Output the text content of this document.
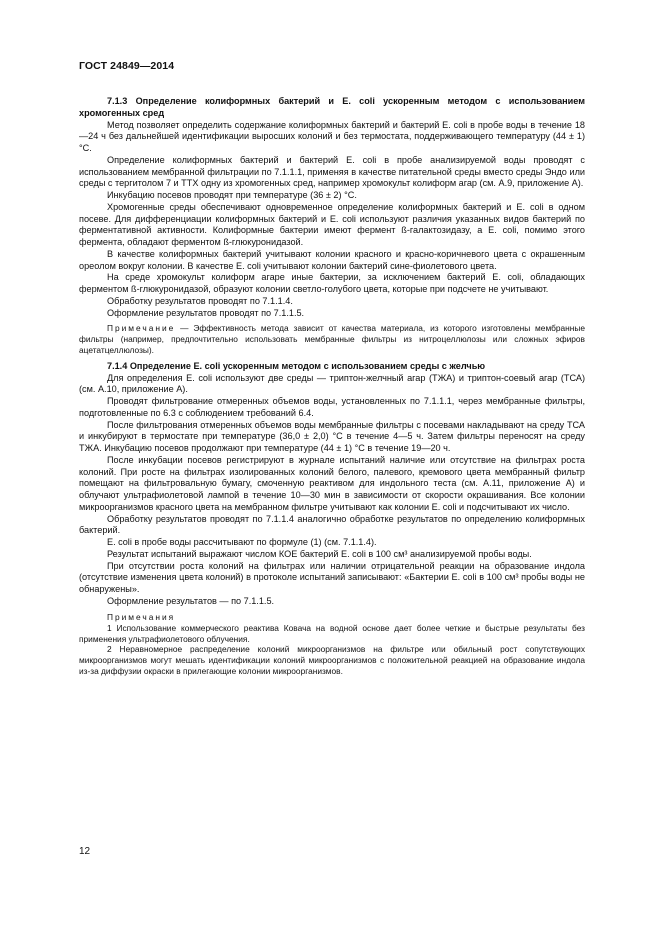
ГОСТ 24849—2014

7.1.3 Определение колиформных бактерий и E. coli ускоренным методом с использованием хромогенных сред

Метод позволяет определить содержание колиформных бактерий и бактерий E. coli в пробе воды в течение 18—24 ч без дальнейшей идентификации выросших колоний и без термостата, поддерживающего температуру (44 ± 1) °C.

Определение колиформных бактерий и бактерий E. coli в пробе анализируемой воды проводят с использованием мембранной фильтрации по 7.1.1.1, применяя в качестве питательной среды вместо среды Эндо или среды с тергитолом 7 и ТТХ одну из хромогенных сред, например хромокульт колиформ агар (см. А.9, приложение А).

Инкубацию посевов проводят при температуре (36 ± 2) °C.

Хромогенные среды обеспечивают одновременное определение колиформных бактерий и E. coli в одном посеве. Для дифференциации колиформных бактерий и E. coli используют различия указанных видов бактерий по ферментативной активности. Колиформные бактерии имеют фермент ß-галактозидазу, а E. coli, помимо этого фермента, обладают ферментом ß-глюкуронидазой.

В качестве колиформных бактерий учитывают колонии красного и красно-коричневого цвета с окрашенным ореолом вокруг колонии. В качестве E. coli учитывают колонии бактерий сине-фиолетового цвета.

На среде хромокульт колиформ агаре иные бактерии, за исключением бактерий E. coli, обладающих ферментом ß-глюкуронидазой, образуют колонии светло-голубого цвета, которые при подсчете не учитывают.

Обработку результатов проводят по 7.1.1.4.

Оформление результатов проводят по 7.1.1.5.

Примечание — Эффективность метода зависит от качества материала, из которого изготовлены мембранные фильтры (например, предпочтительно использовать мембранные фильтры из нитроцеллюлозы или сложных эфиров ацетатцеллюлозы).

7.1.4 Определение E. coli ускоренным методом с использованием среды с желчью

Для определения E. coli используют две среды — триптон-желчный агар (ТЖА) и триптон-соевый агар (ТСА) (см. А.10, приложение А).

Проводят фильтрование отмеренных объемов воды, установленных по 7.1.1.1, через мембранные фильтры, подготовленные по 6.3 с соблюдением требований 6.4.

После фильтрования отмеренных объемов воды мембранные фильтры с посевами накладывают на среду ТСА и инкубируют в термостате при температуре (36,0 ± 2,0) °C в течение 4—5 ч. Затем фильтры переносят на среду ТЖА. Инкубацию посевов продолжают при температуре (44 ± 1) °C в течение 19—20 ч.

После инкубации посевов регистрируют в журнале испытаний наличие или отсутствие на фильтрах роста колоний. При росте на фильтрах изолированных колоний белого, палевого, кремового цвета мембранный фильтр помещают на фильтровальную бумагу, смоченную реактивом для индольного теста (см. А.11, приложение А) и облучают ультрафиолетовой лампой в течение 10—30 мин в зависимости от скорости окрашивания. Все колонии микроорганизмов красного цвета на мембранном фильтре учитывают как колонии E. coli и подсчитывают их число.

Обработку результатов проводят по 7.1.1.4 аналогично обработке результатов по определению колиформных бактерий.

E. coli в пробе воды рассчитывают по формуле (1) (см. 7.1.1.4).

Результат испытаний выражают числом КОЕ бактерий E. coli в 100 см³ анализируемой пробы воды.

При отсутствии роста колоний на фильтрах или наличии отрицательной реакции на образование индола (отсутствие изменения цвета колоний) в протоколе испытаний записывают: «Бактерии E. coli в 100 см³ пробы воды не обнаружены».

Оформление результатов — по 7.1.1.5.

Примечания

1 Использование коммерческого реактива Ковача на водной основе дает более четкие и быстрые результаты без применения ультрафиолетового облучения.

2 Неравномерное распределение колоний микроорганизмов на фильтре или обильный рост сопутствующих микроорганизмов могут мешать идентификации колоний микроорганизмов с положительной реакцией на образование индола из-за диффузии окраски в прилегающие колонии микроорганизмов.

12
